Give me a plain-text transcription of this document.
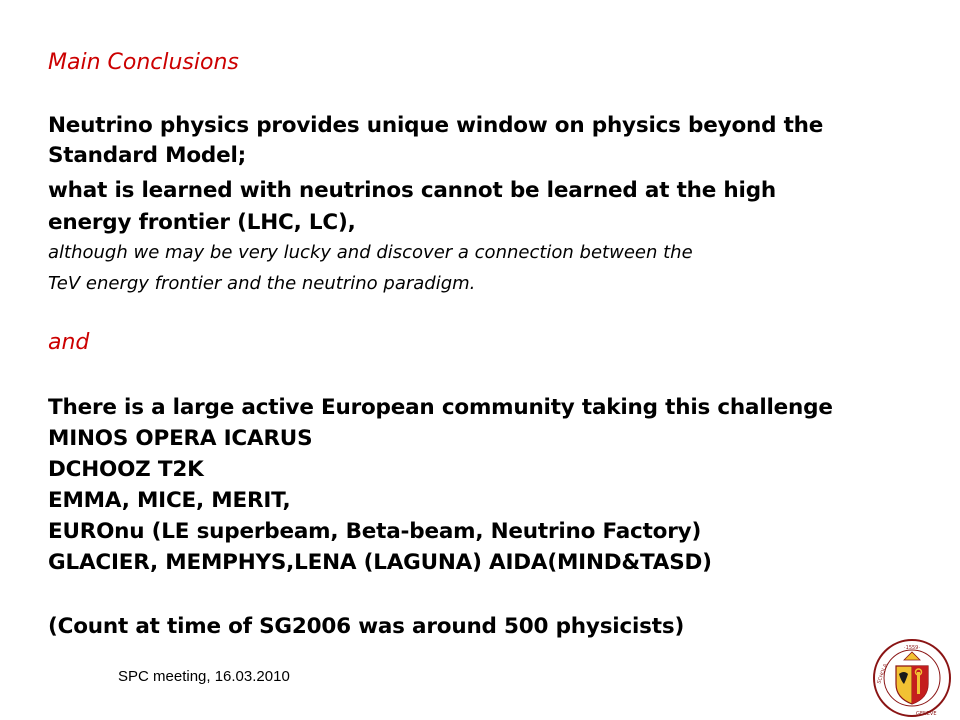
Main Conclusions
Neutrino physics provides unique window on physics beyond the
Standard Model;
what is learned with neutrinos cannot be learned at the high
energy frontier (LHC, LC),
although we may be very lucky and discover a connection between the
TeV energy frontier and the neutrino paradigm.
and
There is a large active European community taking this challenge
MINOS OPERA ICARUS
DCHOOZ T2K
EMMA, MICE, MERIT,
EUROnu (LE superbeam, Beta-beam, Neutrino Factory)
GLACIER, MEMPHYS,LENA (LAGUNA) AIDA(MIND&TASD)
(Count at time of SG2006 was around 500 physicists)
SPC meeting, 16.03.2010
·1559·
SCHOLA
GENEVE
